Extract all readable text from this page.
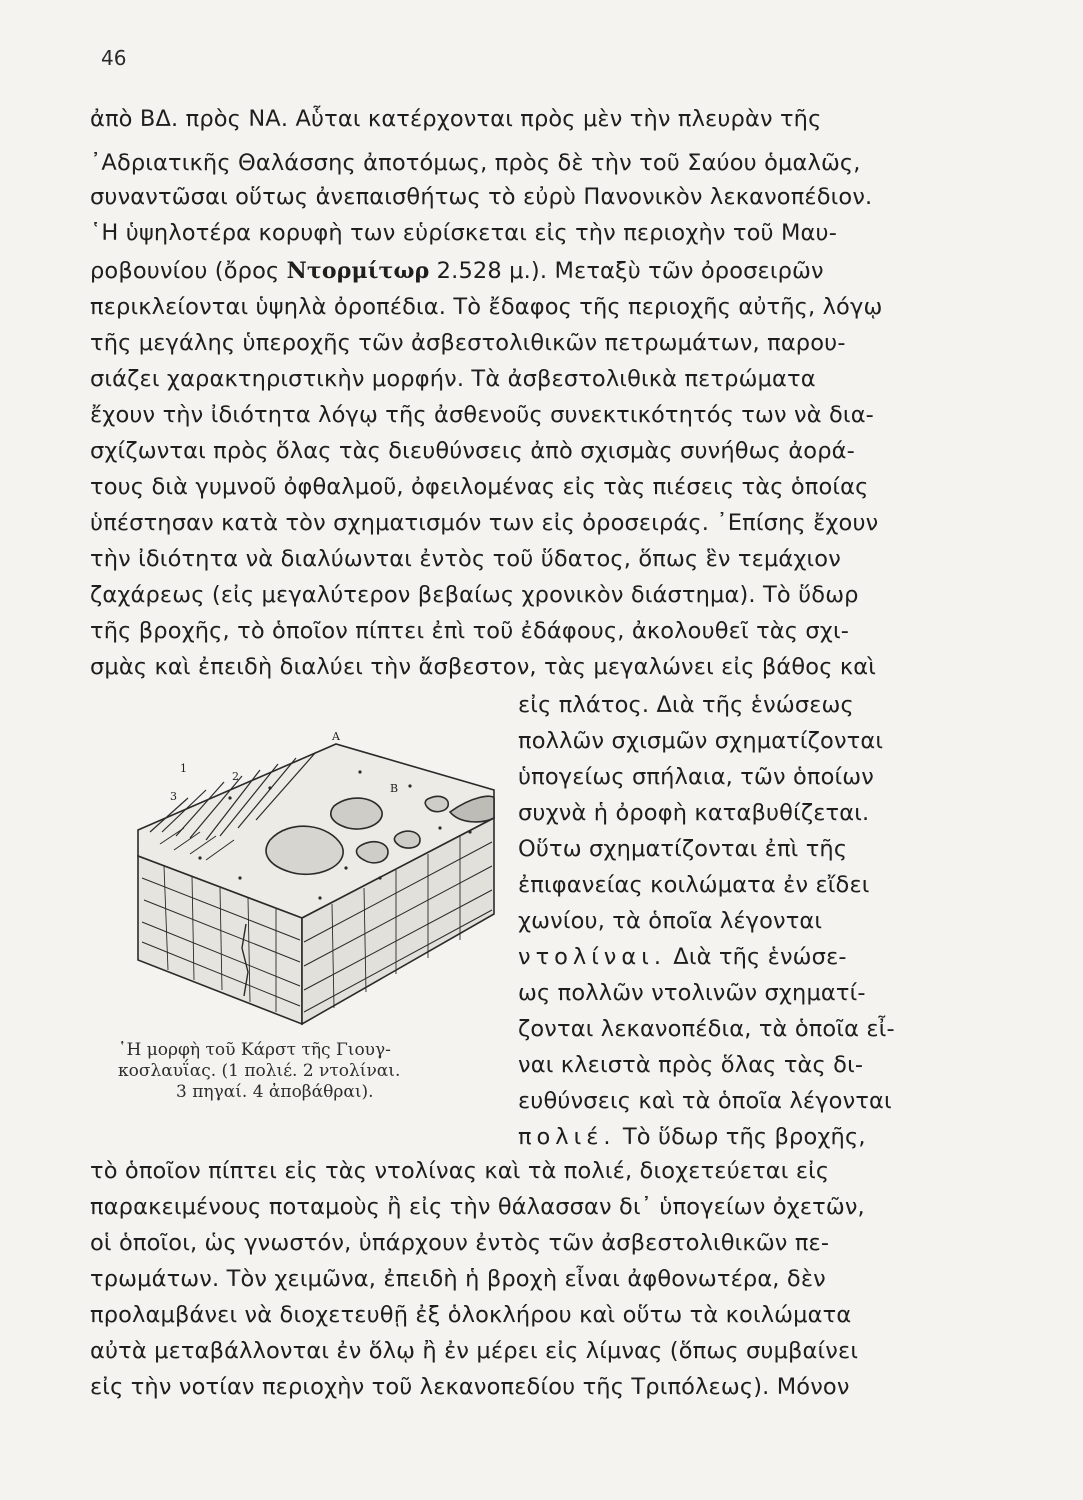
46
ἀπὸ ΒΔ. πρὸς ΝΑ. Αὗται κατέρχονται πρὸς μὲν τὴν πλευρὰν τῆς
᾿Αδριατικῆς Θαλάσσης ἀποτόμως, πρὸς δὲ τὴν τοῦ Σαύου ὁμαλῶς,
συναντῶσαι οὕτως ἀνεπαισθήτως τὸ εὐρὺ Πανονικὸν λεκανοπέδιον.
῾Η ὑψηλοτέρα κορυφὴ των εὑρίσκεται εἰς τὴν περιοχὴν τοῦ Μαυ-
ροβουνίου (ὄρος Ντορμίτωρ 2.528 μ.). Μεταξὺ τῶν ὀροσειρῶν
περικλείονται ὑψηλὰ ὀροπέδια. Τὸ ἔδαφος τῆς περιοχῆς αὐτῆς, λόγῳ
τῆς μεγάλης ὑπεροχῆς τῶν ἀσβεστολιθικῶν πετρωμάτων, παρου-
σιάζει χαρακτηριστικὴν μορφήν. Τὰ ἀσβεστολιθικὰ πετρώματα
ἔχουν τὴν ἰδιότητα λόγῳ τῆς ἀσθενοῦς συνεκτικότητός των νὰ δια-
σχίζωνται πρὸς ὅλας τὰς διευθύνσεις ἀπὸ σχισμὰς συνήθως ἀορά-
τους διὰ γυμνοῦ ὀφθαλμοῦ, ὀφειλομένας εἰς τὰς πιέσεις τὰς ὁποίας
ὑπέστησαν κατὰ τὸν σχηματισμόν των εἰς ὀροσειράς. ᾿Επίσης ἔχουν
τὴν ἰδιότητα νὰ διαλύωνται ἐντὸς τοῦ ὕδατος, ὅπως ἓν τεμάχιον
ζαχάρεως (εἰς μεγαλύτερον βεβαίως χρονικὸν διάστημα). Τὸ ὕδωρ
τῆς βροχῆς, τὸ ὁποῖον πίπτει ἐπὶ τοῦ ἐδάφους, ἀκολουθεῖ τὰς σχι-
σμὰς καὶ ἐπειδὴ διαλύει τὴν ἄσβεστον, τὰς μεγαλώνει εἰς βάθος καὶ
εἰς πλάτος. Διὰ τῆς ἑνώσεως
πολλῶν σχισμῶν σχηματίζονται
ὑπογείως σπήλαια, τῶν ὁποίων
συχνὰ ἡ ὀροφὴ καταβυθίζεται.
Οὕτω σχηματίζονται ἐπὶ τῆς
ἐπιφανείας κοιλώματα ἐν εἴδει
χωνίου, τὰ ὁποῖα λέγονται
ντολίναι. Διὰ τῆς ἑνώσε-
ως πολλῶν ντολινῶν σχηματί-
ζονται λεκανοπέδια, τὰ ὁποῖα εἶ-
ναι κλειστὰ πρὸς ὅλας τὰς δι-
ευθύνσεις καὶ τὰ ὁποῖα λέγονται
πολιέ. Τὸ ὕδωρ τῆς βροχῆς,
τὸ ὁποῖον πίπτει εἰς τὰς ντολίνας καὶ τὰ πολιέ, διοχετεύεται εἰς
παρακειμένους ποταμοὺς ἢ εἰς τὴν θάλασσαν δι᾿ ὑπογείων ὀχετῶν,
οἱ ὁποῖοι, ὡς γνωστόν, ὑπάρχουν ἐντὸς τῶν ἀσβεστολιθικῶν πε-
τρωμάτων. Τὸν χειμῶνα, ἐπειδὴ ἡ βροχὴ εἶναι ἀφθονωτέρα, δὲν
προλαμβάνει νὰ διοχετευθῇ ἐξ ὁλοκλήρου καὶ οὕτω τὰ κοιλώματα
αὐτὰ μεταβάλλονται ἐν ὅλῳ ἢ ἐν μέρει εἰς λίμνας (ὅπως συμβαίνει
εἰς τὴν νοτίαν περιοχὴν τοῦ λεκανοπεδίου τῆς Τριπόλεως). Μόνον
A
B
1
2
3
῾Η μορφὴ τοῦ Κάρστ τῆς Γιουγ-
κοσλαυΐας. (1 πολιέ. 2 ντολίναι.
3 πηγαί. 4 ἀποβάθραι).
